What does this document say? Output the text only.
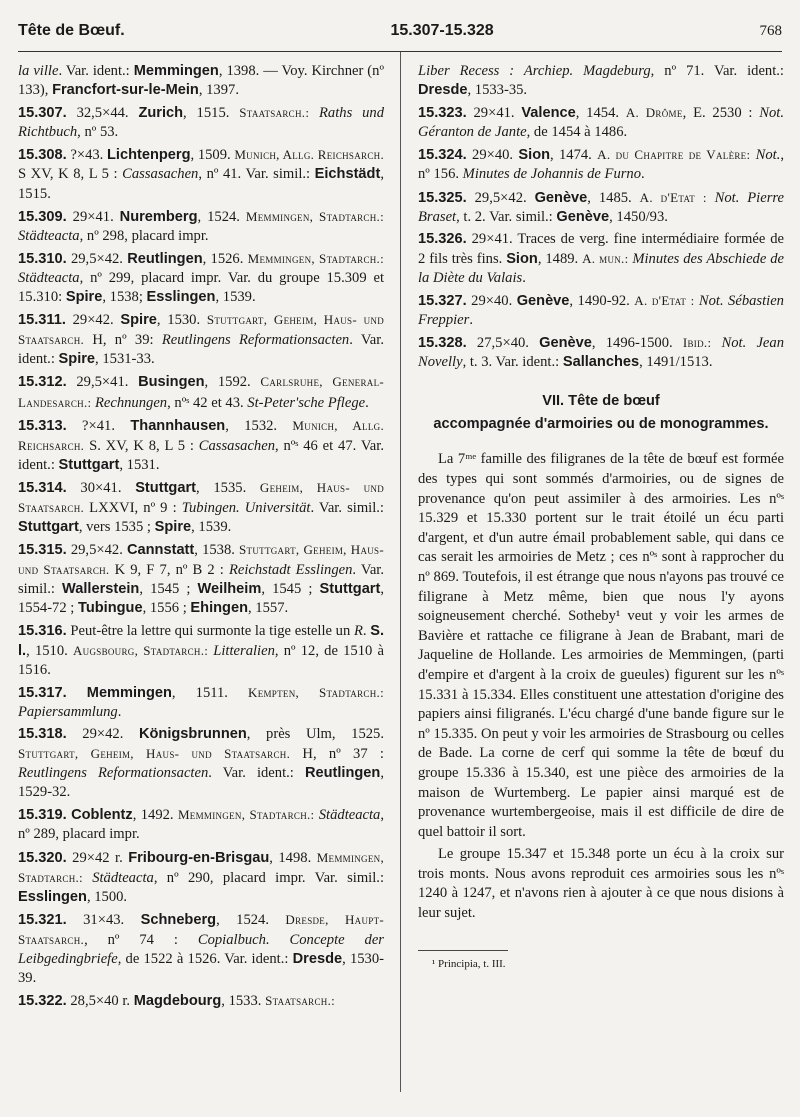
Tête de Bœuf.	15.307-15.328	768

la ville. Var. ident.: Memmingen, 1398. — Voy. Kirchner (nº 133), Francfort-sur-le-Mein, 1397.

15.307. 32,5×44. Zurich, 1515. Staatsarch.: Raths und Richtbuch, nº 53.

15.308. ?×43. Lichtenperg, 1509. Munich, Allg. Reichsarch. S XV, K 8, L 5 : Cassasachen, nº 41. Var. simil.: Eichstädt, 1515.

15.309. 29×41. Nuremberg, 1524. Memmingen, Stadtarch.: Städteacta, nº 298, placard impr.

15.310. 29,5×42. Reutlingen, 1526. Memmingen, Stadtarch.: Städteacta, nº 299, placard impr. Var. du groupe 15.309 et 15.310: Spire, 1538; Esslingen, 1539.

15.311. 29×42. Spire, 1530. Stuttgart, Geheim, Haus- und Staatsarch. H, nº 39: Reutlingens Reformationsacten. Var. ident.: Spire, 1531-33.

15.312. 29,5×41. Busingen, 1592. Carlsruhe, General-Landesarch.: Rechnungen, nºˢ 42 et 43. St-Peter'sche Pflege.

15.313. ?×41. Thannhausen, 1532. Munich, Allg. Reichsarch. S. XV, K 8, L 5 : Cassasachen, nºˢ 46 et 47. Var. ident.: Stuttgart, 1531.

15.314. 30×41. Stuttgart, 1535. Geheim, Haus- und Staatsarch. LXXVI, nº 9 : Tubingen. Universität. Var. simil.: Stuttgart, vers 1535 ; Spire, 1539.

15.315. 29,5×42. Cannstatt, 1538. Stuttgart, Geheim, Haus- und Staatsarch. K 9, F 7, nº B 2 : Reichstadt Esslingen. Var. simil.: Wallerstein, 1545 ; Weilheim, 1545 ; Stuttgart, 1554-72 ; Tubingue, 1556 ; Ehingen, 1557.

15.316. Peut-être la lettre qui surmonte la tige estelle un R. S. l., 1510. Augsbourg, Stadtarch.: Litteralien, nº 12, de 1510 à 1516.

15.317. Memmingen, 1511. Kempten, Stadtarch.: Papiersammlung.

15.318. 29×42. Königsbrunnen, près Ulm, 1525. Stuttgart, Geheim, Haus- und Staatsarch. H, nº 37 : Reutlingens Reformationsacten. Var. ident.: Reutlingen, 1529-32.

15.319. Coblentz, 1492. Memmingen, Stadtarch.: Städteacta, nº 289, placard impr.

15.320. 29×42 r. Fribourg-en-Brisgau, 1498. Memmingen, Stadtarch.: Städteacta, nº 290, placard impr. Var. simil.: Esslingen, 1500.

15.321. 31×43. Schneberg, 1524. Dresde, Haupt-Staatsarch., nº 74 : Copialbuch. Concepte der Leibgedingbriefe, de 1522 à 1526. Var. ident.: Dresde, 1530-39.

15.322. 28,5×40 r. Magdebourg, 1533. Staatsarch.:

Liber Recess : Archiep. Magdeburg, nº 71. Var. ident.: Dresde, 1533-35.

15.323. 29×41. Valence, 1454. A. Drôme, E. 2530 : Not. Géranton de Jante, de 1454 à 1486.

15.324. 29×40. Sion, 1474. A. du Chapitre de Valère: Not., nº 156. Minutes de Johannis de Furno.

15.325. 29,5×42. Genève, 1485. A. d'Etat : Not. Pierre Braset, t. 2. Var. simil.: Genève, 1450/93.

15.326. 29×41. Traces de verg. fine intermédiaire formée de 2 fils très fins. Sion, 1489. A. mun.: Minutes des Abschiede de la Diète du Valais.

15.327. 29×40. Genève, 1490-92. A. d'Etat : Not. Sébastien Freppier.

15.328. 27,5×40. Genève, 1496-1500. Ibid.: Not. Jean Novelly, t. 3. Var. ident.: Sallanches, 1491/1513.

VII. Tête de bœuf
accompagnée d'armoiries ou de monogrammes.

La 7ᵐᵉ famille des filigranes de la tête de bœuf est formée des types qui sont sommés d'armoiries, ou de signes de provenance qu'on peut assimiler à des armoiries. Les nºˢ 15.329 et 15.330 portent sur le trait étoilé un écu parti d'argent, et d'un autre émail probablement sable, qui dans ce cas serait les armoiries de Metz ; ces nºˢ sont à rapprocher du nº 869. Toutefois, il est étrange que nous n'ayons pas trouvé ce filigrane à Metz même, bien que nous l'y ayons soigneusement cherché. Sotheby¹ veut y voir les armes de Bavière et rattache ce filigrane à Jean de Brabant, mari de Jaqueline de Hollande. Les armoiries de Memmingen, (parti d'empire et d'argent à la croix de gueules) figurent sur les nºˢ 15.331 à 15.334. Elles constituent une attestation d'origine des papiers ainsi filigranés. L'écu chargé d'une bande figure sur le nº 15.335. On peut y voir les armoiries de Strasbourg ou celles de Bade. La corne de cerf qui somme la tête de bœuf du groupe 15.336 à 15.340, est une pièce des armoiries de la maison de Wurtemberg. Le papier ainsi marqué est de provenance wurtembergeoise, mais il est difficile de dire de quel battoir il sort.

Le groupe 15.347 et 15.348 porte un écu à la croix sur trois monts. Nous avons reproduit ces armoiries sous les nºˢ 1240 à 1247, et n'avons rien à ajouter à ce que nous disions à leur sujet.

¹ Principia, t. III.
